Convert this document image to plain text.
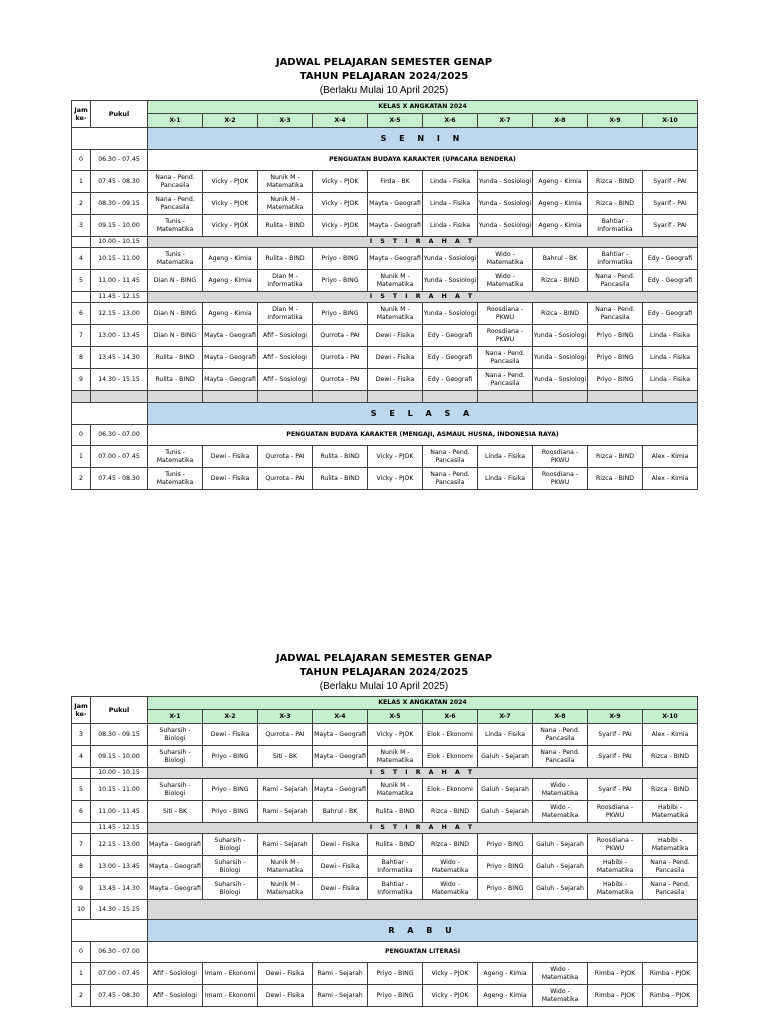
JADWAL PELAJARAN SEMESTER GENAP
TAHUN PELAJARAN 2024/2025
(Berlaku Mulai 10 April 2025)
Jam ke-	Pukul	KELAS X ANGKATAN 2024									
		X-1	X-2	X-3	X-4	X-5	X-6	X-7	X-8	X-9	X-10
		S E N I N									
0	06.30 - 07.45	PENGUATAN BUDAYA KARAKTER (UPACARA BENDERA)									
1	07.45 - 08.30	Nana - Pend. Pancasila	Vicky - PJOK	Nunik M - Matematika	Vicky - PJOK	Firda - BK	Linda - Fisika	Yunda - Sosiologi	Ageng - Kimia	Rizca - BIND	Syarif - PAI
2	08.30 - 09.15	Nana - Pend. Pancasila	Vicky - PJOK	Nunik M - Matematika	Vicky - PJOK	Mayta - Geografi	Linda - Fisika	Yunda - Sosiologi	Ageng - Kimia	Rizca - BIND	Syarif - PAI
3	09.15 - 10.00	Tunis - Matematika	Vicky - PJOK	Rulita - BIND	Vicky - PJOK	Mayta - Geografi	Linda - Fisika	Yunda - Sosiologi	Ageng - Kimia	Bahtiar - Informatika	Syarif - PAI
	10.00 - 10.15	I S T I R A H A T									
4	10.15 - 11.00	Tunis - Matematika	Ageng - Kimia	Rulita - BIND	Priyo - BING	Mayta - Geografi	Yunda - Sosiologi	Wido - Matematika	Bahrul - BK	Bahtiar - Informatika	Edy - Geografi
5	11.00 - 11.45	Dian N - BING	Ageng - Kimia	Dian M - Informatika	Priyo - BING	Nunik M - Matematika	Yunda - Sosiologi	Wido - Matematika	Rizca - BIND	Nana - Pend. Pancasila	Edy - Geografi
	11.45 - 12.15	I S T I R A H A T									
6	12.15 - 13.00	Dian N - BING	Ageng - Kimia	Dian M - Informatika	Priyo - BING	Nunik M - Matematika	Yunda - Sosiologi	Roosdiana - PKWU	Rizca - BIND	Nana - Pend. Pancasila	Edy - Geografi
7	13.00 - 13.45	Dian N - BING	Mayta - Geografi	Afif - Sosiologi	Qurrota - PAI	Dewi - Fisika	Edy - Geografi	Roosdiana - PKWU	Yunda - Sosiologi	Priyo - BING	Linda - Fisika
8	13.45 - 14.30	Rulita - BIND	Mayta - Geografi	Afif - Sosiologi	Qurrota - PAI	Dewi - Fisika	Edy - Geografi	Nana - Pend. Pancasila	Yunda - Sosiologi	Priyo - BING	Linda - Fisika
9	14.30 - 15.15	Rulita - BIND	Mayta - Geografi	Afif - Sosiologi	Qurrota - PAI	Dewi - Fisika	Edy - Geografi	Nana - Pend. Pancasila	Yunda - Sosiologi	Priyo - BING	Linda - Fisika

		S E L A S A									
0	06.30 - 07.00	PENGUATAN BUDAYA KARAKTER (MENGAJI, ASMAUL HUSNA, INDONESIA RAYA)									
1	07.00 - 07.45	Tunis - Matematika	Dewi - Fisika	Qurrota - PAI	Rulita - BIND	Vicky - PJOK	Nana - Pend. Pancasila	Linda - Fisika	Roosdiana - PKWU	Rizca - BIND	Alex - Kimia
2	07.45 - 08.30	Tunis - Matematika	Dewi - Fisika	Qurrota - PAI	Rulita - BIND	Vicky - PJOK	Nana - Pend. Pancasila	Linda - Fisika	Roosdiana - PKWU	Rizca - BIND	Alex - Kimia
JADWAL PELAJARAN SEMESTER GENAP
TAHUN PELAJARAN 2024/2025
(Berlaku Mulai 10 April 2025)
Jam ke-	Pukul	KELAS X ANGKATAN 2024									
		X-1	X-2	X-3	X-4	X-5	X-6	X-7	X-8	X-9	X-10
3	08.30 - 09.15	Suharsih - Biologi	Dewi - Fisika	Qurrota - PAI	Mayta - Geografi	Vicky - PJOK	Elok - Ekonomi	Linda - Fisika	Nana - Pend. Pancasila	Syarif - PAI	Alex - Kimia
4	09.15 - 10.00	Suharsih - Biologi	Priyo - BING	Siti - BK	Mayta - Geografi	Nunik M - Matematika	Elok - Ekonomi	Galuh - Sejarah	Nana - Pend. Pancasila	Syarif - PAI	Rizca - BIND
	10.00 - 10.15	I S T I R A H A T									
5	10.15 - 11.00	Suharsih - Biologi	Priyo - BING	Rami - Sejarah	Mayta - Geografi	Nunik M - Matematika	Elok - Ekonomi	Galuh - Sejarah	Wido - Matematika	Syarif - PAI	Rizca - BIND
6	11.00 - 11.45	Siti - BK	Priyo - BING	Rami - Sejarah	Bahrul - BK	Rulita - BIND	Rizca - BIND	Galuh - Sejarah	Wido - Matematika	Roosdiana - PKWU	Habibi - Matematika
	11.45 - 12.15	I S T I R A H A T									
7	12.15 - 13.00	Mayta - Geografi	Suharsih - Biologi	Rami - Sejarah	Dewi - Fisika	Rulita - BIND	Rizca - BIND	Priyo - BING	Galuh - Sejarah	Roosdiana - PKWU	Habibi - Matematika
8	13.00 - 13.45	Mayta - Geografi	Suharsih - Biologi	Nunik M - Matematika	Dewi - Fisika	Bahtiar - Informatika	Wido - Matematika	Priyo - BING	Galuh - Sejarah	Habibi - Matematika	Nana - Pend. Pancasila
9	13.45 - 14.30	Mayta - Geografi	Suharsih - Biologi	Nunik M - Matematika	Dewi - Fisika	Bahtiar - Informatika	Wido - Matematika	Priyo - BING	Galuh - Sejarah	Habibi - Matematika	Nana - Pend. Pancasila
10	14.30 - 15.15										
		R A B U									
0	06.30 - 07.00	PENGUATAN LITERASI									
1	07.00 - 07.45	Afif - Sosiologi	Imam - Ekonomi	Dewi - Fisika	Rami - Sejarah	Priyo - BING	Vicky - PJOK	Ageng - Kimia	Wido - Matematika	Rimba - PJOK	Rimba - PJOK
2	07.45 - 08.30	Afif - Sosiologi	Imam - Ekonomi	Dewi - Fisika	Rami - Sejarah	Priyo - BING	Vicky - PJOK	Ageng - Kimia	Wido - Matematika	Rimba - PJOK	Rimba - PJOK
